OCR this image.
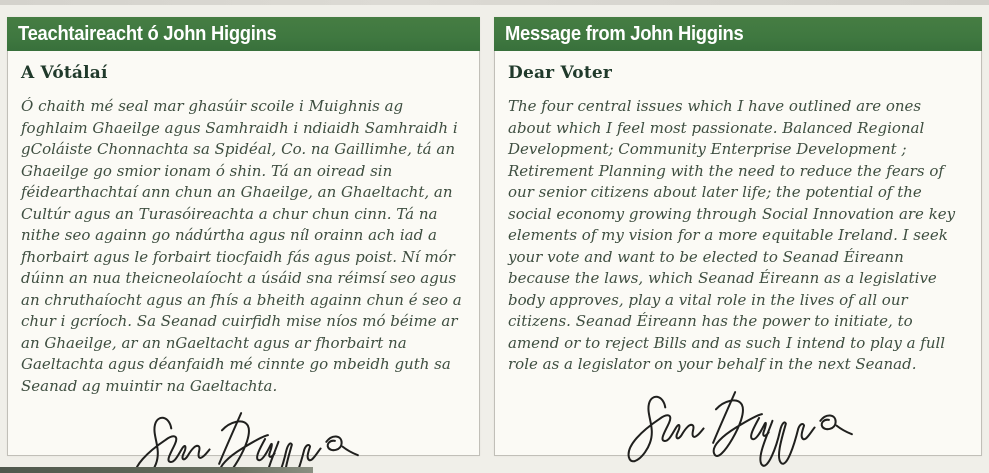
Teachtaireacht ó John Higgins
A Vótálaí

Ó chaith mé seal mar ghasúir scoile i Muighnis ag foghlaim Ghaeilge agus Samhraidh i ndiaidh Samhraidh i gColáiste Chonnachta sa Spidéal, Co. na Gaillimhe, tá an Ghaeilge go smior ionam ó shin. Tá an oiread sin féidearthachtaí ann chun an Ghaeilge, an Ghaeltacht, an Cultúr agus an Turasóireachta a chur chun cinn. Tá na nithe seo againn go nádúrtha agus níl orainn ach iad a fhorbairt agus le forbairt tiocfaidh fás agus poist. Ní mór dúinn an nua theicneolaíocht a úsáid sna réimsí seo agus an chruthaíocht agus an fhís a bheith againn chun é seo a chur i gcríoch. Sa Seanad cuirfidh mise níos mó béime ar an Ghaeilge, ar an nGaeltacht agus ar fhorbairt na Gaeltachta agus déanfaidh mé cinnte go mbeidh guth sa Seanad ag muintir na Gaeltachta.

Message from John Higgins
Dear Voter

The four central issues which I have outlined are ones about which I feel most passionate. Balanced Regional Development; Community Enterprise Development ; Retirement Planning with the need to reduce the fears of our senior citizens about later life; the potential of the social economy growing through Social Innovation are key elements of my vision for a more equitable Ireland. I seek your vote and want to be elected to Seanad Éireann because the laws, which Seanad Éireann as a legislative body approves, play a vital role in the lives of all our citizens. Seanad Éireann has the power to initiate, to amend or to reject Bills and as such I intend to play a full role as a legislator on your behalf in the next Seanad.
